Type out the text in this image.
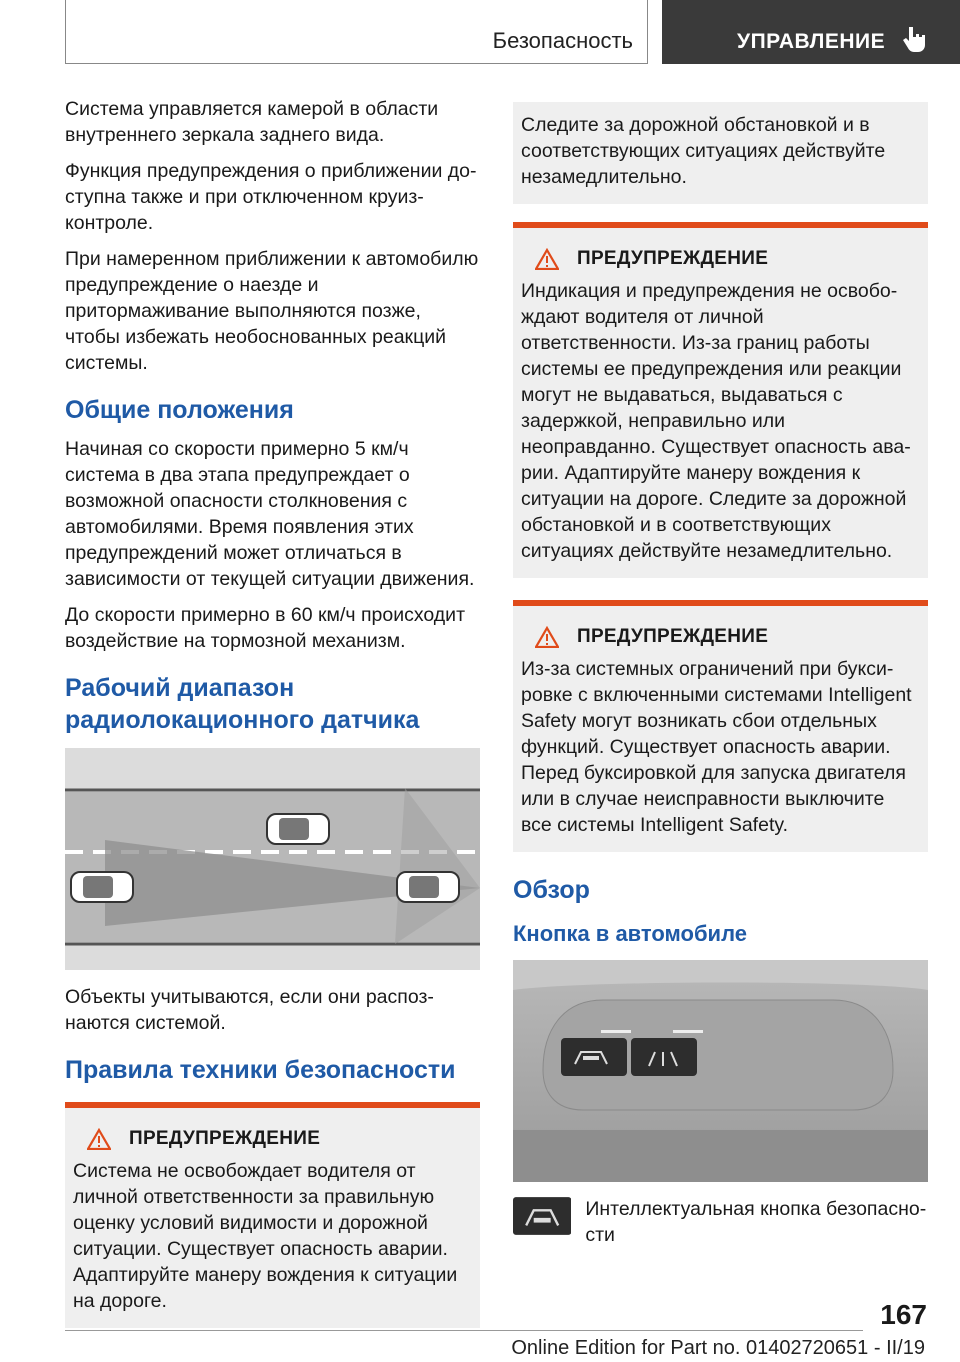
Безопасность	УПРАВЛЕНИЕ

Система управляется камерой в области внутреннего зеркала заднего вида.

Функция предупреждения о приближении доступна также и при отключенном круиз-контроле.

При намеренном приближении к автомобилю предупреждение о наезде и притормаживание выполняются позже, чтобы избежать необоснованных реакций системы.

Общие положения

Начиная со скорости примерно 5 км/ч система в два этапа предупреждает о возможной опасности столкновения с автомобилями. Время появления этих предупреждений может отличаться в зависимости от текущей ситуации движения.

До скорости примерно в 60 км/ч происходит воздействие на тормозной механизм.

Рабочий диапазон радиолокационного датчика

Объекты учитываются, если они распознаются системой.

Правила техники безопасности
ПРЕДУПРЕЖДЕНИЕ

Система не освобождает водителя от личной ответственности за правильную оценку условий видимости и дорожной ситуации. Существует опасность аварии. Адаптируйте манеру вождения к ситуации на дороге.

Следите за дорожной обстановкой и в соответствующих ситуациях действуйте незамедлительно.

ПРЕДУПРЕЖДЕНИЕ

Индикация и предупреждения не освобождают водителя от личной ответственности. Из-за границ работы системы ее предупреждения или реакции могут не выдаваться, выдаваться с задержкой, неправильно или неоправданно. Существует опасность аварии. Адаптируйте манеру вождения к ситуации на дороге. Следите за дорожной обстановкой и в соответствующих ситуациях действуйте незамедлительно.

ПРЕДУПРЕЖДЕНИЕ

Из-за системных ограничений при буксировке с включенными системами Intelligent Safety могут возникать сбои отдельных функций. Существует опасность аварии. Перед буксировкой для запуска двигателя или в случае неисправности выключите все системы Intelligent Safety.

Обзор
Кнопка в автомобиле

Интеллектуальная кнопка безопасности

167
Online Edition for Part no. 01402720651 - II/19
